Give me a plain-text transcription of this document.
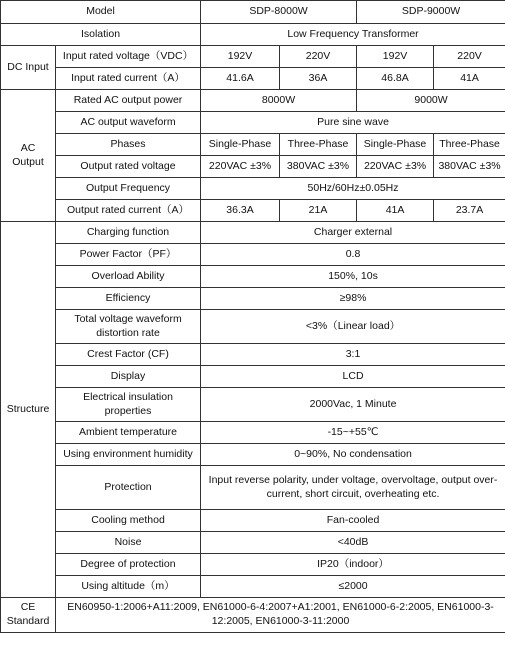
Model		SDP-8000W		SDP-9000W	
Isolation		Low Frequency Transformer			
DC Input	Input rated voltage（VDC）	192V	220V	192V	220V
	Input rated current（A）	41.6A	36A	46.8A	41A
AC Output	Rated AC output power	8000W		9000W	
	AC output waveform	Pure sine wave			
	Phases	Single-Phase	Three-Phase	Single-Phase	Three-Phase
	Output rated voltage	220VAC ±3%	380VAC ±3%	220VAC ±3%	380VAC ±3%
	Output Frequency	50Hz/60Hz±0.05Hz			
	Output rated current（A）	36.3A	21A	41A	23.7A
Structure	Charging function	Charger external			
	Power Factor（PF）	0.8			
	Overload Ability	150%, 10s			
	Efficiency	≥98%			
	Total voltage waveform distortion rate	<3%（Linear load）			
	Crest Factor (CF)	3:1			
	Display	LCD			
	Electrical insulation properties	2000Vac, 1 Minute			
	Ambient temperature	-15~+55℃			
	Using environment humidity	0~90%, No condensation			
	Protection	Input reverse polarity, under voltage, overvoltage, output over-current, short circuit, overheating etc.			
	Cooling method	Fan-cooled			
	Noise	<40dB			
	Degree of protection	IP20（indoor）			
	Using altitude（m）	≤2000			
CE Standard	EN60950-1:2006+A11:2009, EN61000-6-4:2007+A1:2001, EN61000-6-2:2005, EN61000-3-12:2005, EN61000-3-11:2000				
